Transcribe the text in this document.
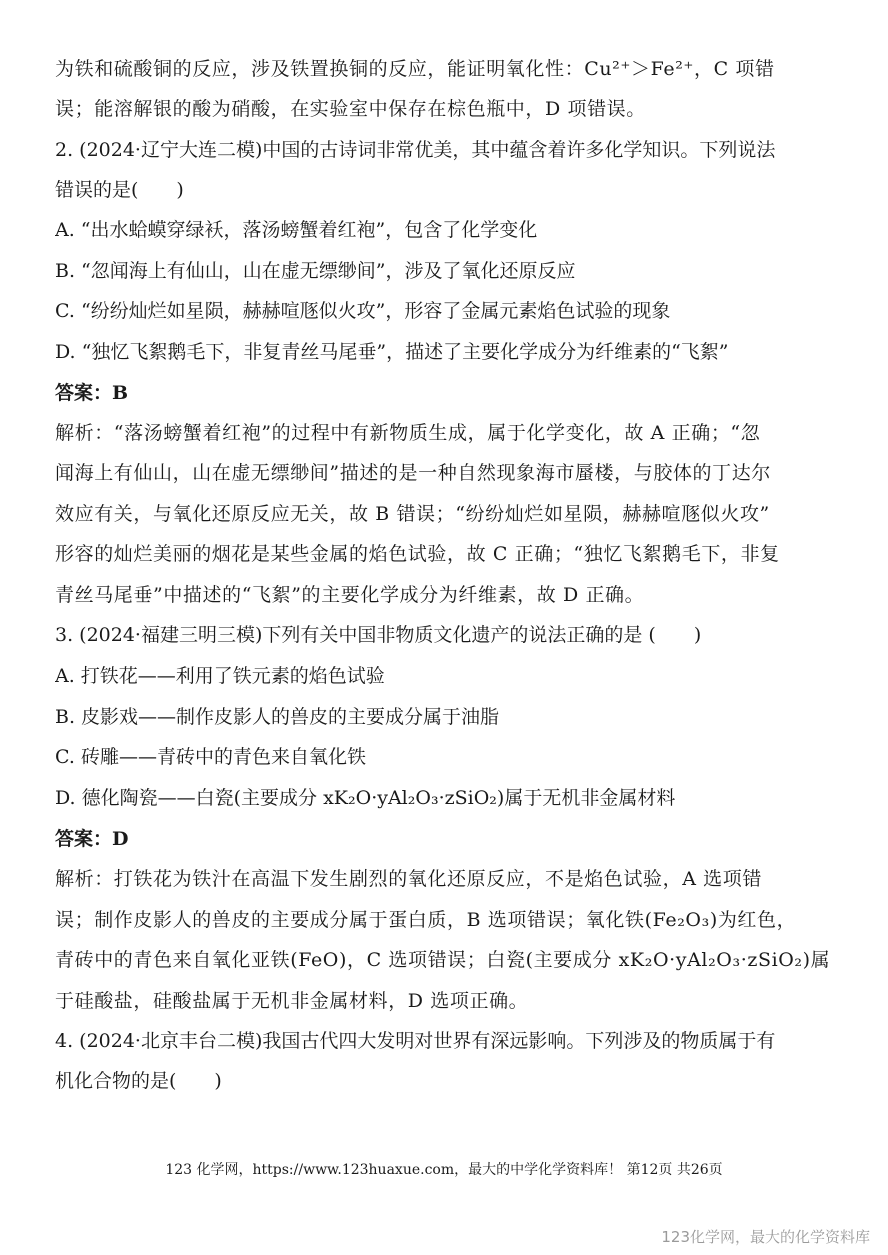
为铁和硫酸铜的反应，涉及铁置换铜的反应，能证明氧化性：Cu²⁺＞Fe²⁺，C 项错
误；能溶解银的酸为硝酸，在实验室中保存在棕色瓶中，D 项错误。
2. (2024·辽宁大连二模)中国的古诗词非常优美，其中蕴含着许多化学知识。下列说法
错误的是(　　)
A. “出水蛤蟆穿绿袄，落汤螃蟹着红袍”，包含了化学变化
B. “忽闻海上有仙山，山在虚无缥缈间”，涉及了氧化还原反应
C. “纷纷灿烂如星陨，赫赫喧豗似火攻”，形容了金属元素焰色试验的现象
D. “独忆飞絮鹅毛下，非复青丝马尾垂”，描述了主要化学成分为纤维素的“飞絮”
答案：B
解析：“落汤螃蟹着红袍”的过程中有新物质生成，属于化学变化，故 A 正确；“忽
闻海上有仙山，山在虚无缥缈间”描述的是一种自然现象海市蜃楼，与胶体的丁达尔
效应有关，与氧化还原反应无关，故 B 错误；“纷纷灿烂如星陨，赫赫喧豗似火攻”
形容的灿烂美丽的烟花是某些金属的焰色试验，故 C 正确；“独忆飞絮鹅毛下，非复
青丝马尾垂”中描述的“飞絮”的主要化学成分为纤维素，故 D 正确。
3. (2024·福建三明三模)下列有关中国非物质文化遗产的说法正确的是 (　　)
A. 打铁花——利用了铁元素的焰色试验
B. 皮影戏——制作皮影人的兽皮的主要成分属于油脂
C. 砖雕——青砖中的青色来自氧化铁
D. 德化陶瓷——白瓷(主要成分 xK₂O·yAl₂O₃·zSiO₂)属于无机非金属材料
答案：D
解析：打铁花为铁汁在高温下发生剧烈的氧化还原反应，不是焰色试验，A 选项错
误；制作皮影人的兽皮的主要成分属于蛋白质，B 选项错误；氧化铁(Fe₂O₃)为红色，
青砖中的青色来自氧化亚铁(FeO)，C 选项错误；白瓷(主要成分 xK₂O·yAl₂O₃·zSiO₂)属
于硅酸盐，硅酸盐属于无机非金属材料，D 选项正确。
4. (2024·北京丰台二模)我国古代四大发明对世界有深远影响。下列涉及的物质属于有
机化合物的是(　　)
123 化学网，https://www.123huaxue.com，最大的中学化学资料库！ 第12页 共26页
123化学网，最大的化学资料库
